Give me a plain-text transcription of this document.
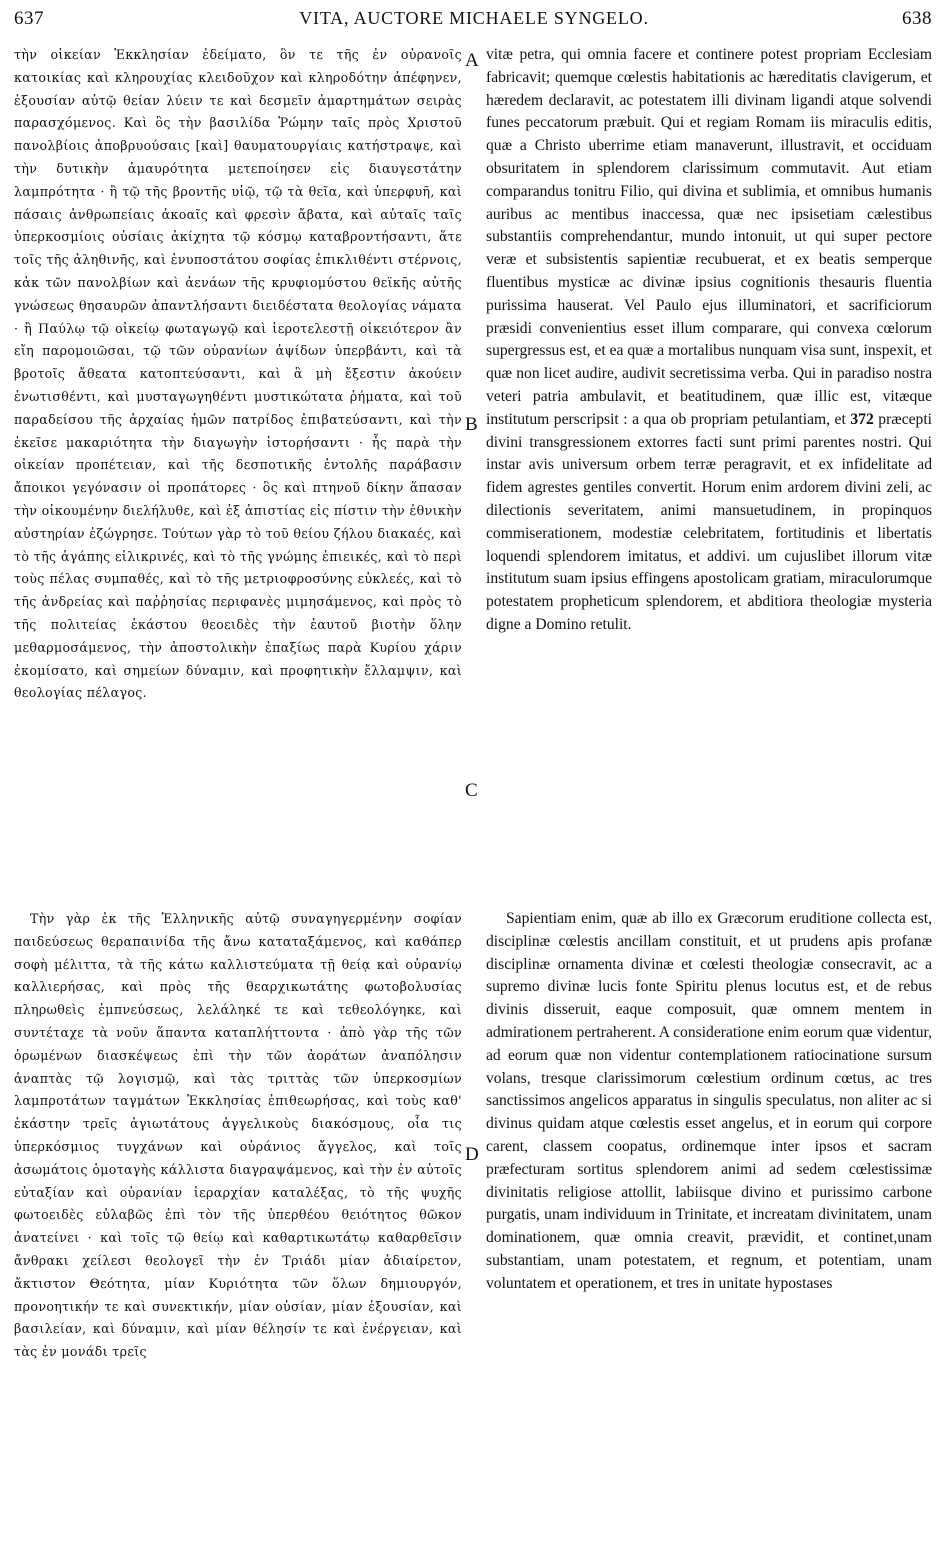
637	VITA, AUCTORE MICHAELE SYNGELO.	638
τὴν οἰκείαν Ἐκκλησίαν ἐδείματο, ὃν τε τῆς ἐν οὐρανοῖς κατοικίας καὶ κληρουχίας κλειδοῦχον καὶ κληροδότην ἀπέφηνεν, ἐξουσίαν αὐτῷ θείαν λύειν τε καὶ δεσμεῖν ἁμαρτημάτων σειρὰς παρασχόμενος. Καὶ ὃς τὴν βασιλίδα Ῥώμην ταῖς πρὸς Χριστοῦ πανολβίοις ἀποβρυούσαις [καὶ] θαυματουργίαις κατήστραψε, καὶ τὴν δυτικὴν ἀμαυρότητα μετεποίησεν εἰς διαυγεστάτην λαμπρότητα · ἢ τῷ τῆς βροντῆς υἱῷ, τῷ τὰ θεῖα, καὶ ὑπερφυῆ, καὶ πάσαις ἀνθρωπείαις ἀκοαῖς καὶ φρεσὶν ἄβατα, καὶ αὐταῖς ταῖς ὑπερκοσμίοις οὐσίαις ἀκίχητα τῷ κόσμῳ καταβροντήσαντι, ἅτε τοῖς τῆς ἀληθινῆς, καὶ ἐνυποστάτου σοφίας ἐπικλιθέντι στέρνοις, κἀκ τῶν πανολβίων καὶ ἀενάων τῆς κρυφιομύστου θεϊκῆς αὐτῆς γνώσεως θησαυρῶν ἀπαντλήσαντι διειδέστατα θεολογίας νάματα · ἢ Παύλῳ τῷ οἰκείῳ φωταγωγῷ καὶ ἱεροτελεστῇ οἰκειότερον ἂν εἴη παρομοιῶσαι, τῷ τῶν οὐρανίων ἀψίδων ὑπερβάντι, καὶ τὰ βροτοῖς ἄθεατα κατοπτεύσαντι, καὶ ἃ μὴ ἔξεστιν ἀκούειν ἐνωτισθέντι, καὶ μυσταγωγηθέντι μυστικώτατα ῥήματα, καὶ τοῦ παραδείσου τῆς ἀρχαίας ἡμῶν πατρίδος ἐπιβατεύσαντι, καὶ τὴν ἐκεῖσε μακαριότητα τὴν διαγωγὴν ἱστορήσαντι · ἧς παρὰ τὴν οἰκείαν προπέτειαν, καὶ τῆς δεσποτικῆς ἐντολῆς παράβασιν ἄποικοι γεγόνασιν οἱ προπάτορες · ὃς καὶ πτηνοῦ δίκην ἅπασαν τὴν οἰκουμένην διελήλυθε, καὶ ἐξ ἀπιστίας εἰς πίστιν τὴν ἐθνικὴν αὐστηρίαν ἐζώγρησε. Τούτων γὰρ τὸ τοῦ θείου ζήλου διακαές, καὶ τὸ τῆς ἀγάπης εἰλικρινές, καὶ τὸ τῆς γνώμης ἐπιεικές, καὶ τὸ περὶ τοὺς πέλας συμπαθές, καὶ τὸ τῆς μετριοφροσύνης εὐκλεές, καὶ τὸ τῆς ἀνδρείας καὶ παῤῥησίας περιφανὲς μιμησάμενος, καὶ πρὸς τὸ τῆς πολιτείας ἑκάστου θεοειδὲς τὴν ἑαυτοῦ βιοτὴν ὅλην μεθαρμοσάμενος, τὴν ἀποστολικὴν ἐπαξίως παρὰ Κυρίου χάριν ἐκομίσατο, καὶ σημείων δύναμιν, καὶ προφητικὴν ἔλλαμψιν, καὶ θεολογίας πέλαγος.
Τὴν γὰρ ἐκ τῆς Ἑλληνικῆς αὐτῷ συναγηγερμένην σοφίαν παιδεύσεως θεραπαινίδα τῆς ἄνω καταταξάμενος, καὶ καθάπερ σοφὴ μέλιττα, τὰ τῆς κάτω καλλιστεύματα τῇ θείᾳ καὶ οὐρανίῳ καλλιερήσας, καὶ πρὸς τῆς θεαρχικωτάτης φωτοβολυσίας πληρωθεὶς ἐμπνεύσεως, λελάληκέ τε καὶ τεθεολόγηκε, καὶ συντέταχε τὰ νοῦν ἅπαντα καταπλήττοντα · ἀπὸ γὰρ τῆς τῶν ὁρωμένων διασκέψεως ἐπὶ τὴν τῶν ἀοράτων ἀναπόλησιν ἀναπτὰς τῷ λογισμῷ, καὶ τὰς τριττὰς τῶν ὑπερκοσμίων λαμπροτάτων ταγμάτων Ἐκκλησίας ἐπιθεωρήσας, καὶ τοὺς καθ' ἑκάστην τρεῖς ἁγιωτάτους ἀγγελικοὺς διακόσμους, οἷα τις ὑπερκόσμιος τυγχάνων καὶ οὐράνιος ἄγγελος, καὶ τοῖς ἀσωμάτοις ὁμοταγὴς κάλλιστα διαγραψάμενος, καὶ τὴν ἐν αὐτοῖς εὐταξίαν καὶ οὐρανίαν ἱεραρχίαν καταλέξας, τὸ τῆς ψυχῆς φωτοειδὲς εὐλαβῶς ἐπὶ τὸν τῆς ὑπερθέου θειότητος θῶκον ἀνατείνει · καὶ τοῖς τῷ θείῳ καὶ καθαρτικωτάτῳ καθαρθεῖσιν ἄνθρακι χείλεσι θεολογεῖ τὴν ἐν Τριάδι μίαν ἀδιαίρετον, ἄκτιστον Θεότητα, μίαν Κυριότητα τῶν ὅλων δημιουργόν, προνοητικήν τε καὶ συνεκτικήν, μίαν οὐσίαν, μίαν ἐξουσίαν, καὶ βασιλείαν, καὶ δύναμιν, καὶ μίαν θέλησίν τε καὶ ἐνέργειαν, καὶ τὰς ἐν μονάδι τρεῖς
A
B
C
D
vitæ petra, qui omnia facere et continere potest propriam Ecclesiam fabricavit; quemque cœlestis habitationis ac hæreditatis clavigerum, et hæredem declaravit, ac potestatem illi divinam ligandi atque solvendi funes peccatorum præbuit. Qui et regiam Romam iis miraculis editis, quæ a Christo uberrime etiam manaverunt, illustravit, et occiduam obsuritatem in splendorem clarissimum commutavit. Aut etiam comparandus tonitru Filio, qui divina et sublimia, et omnibus humanis auribus ac mentibus inaccessa, quæ nec ipsisetiam cælestibus substantiis comprehendantur, mundo intonuit, ut qui super pectore veræ et subsistentis sapientiæ recubuerat, et ex beatis semperque fluentibus mysticæ ac divinæ ipsius cognitionis thesauris fluentia purissima hauserat. Vel Paulo ejus illuminatori, et sacrificiorum præsidi convenientius esset illum comparare, qui convexa cœlorum supergressus est, et ea quæ a mortalibus nunquam visa sunt, inspexit, et quæ non licet audire, audivit secretissima verba. Qui in paradiso nostra veteri patria ambulavit, et beatitudinem, quæ illic est, vitæque institutum perscripsit : a qua ob propriam petulantiam, et 372 præcepti divini transgressionem extorres facti sunt primi parentes nostri. Qui instar avis universum orbem terræ peragravit, et ex infidelitate ad fidem agrestes gentiles convertit. Horum enim ardorem divini zeli, ac dilectionis severitatem, animi mansuetudinem, in propinquos commiserationem, modestiæ celebritatem, fortitudinis et libertatis loquendi splendorem imitatus, et addivi. um cujuslibet illorum vitæ institutum suam ipsius effingens apostolicam gratiam, miraculorumque potestatem propheticum splendorem, et abditiora theologiæ mysteria digne a Domino retulit.
Sapientiam enim, quæ ab illo ex Græcorum eruditione collecta est, disciplinæ cœlestis ancillam constituit, et ut prudens apis profanæ disciplinæ ornamenta divinæ et cœlesti theologiæ consecravit, ac a supremo divinæ lucis fonte Spiritu plenus locutus est, et de rebus divinis disseruit, eaque composuit, quæ omnem mentem in admirationem pertraherent. A consideratione enim eorum quæ videntur, ad eorum quæ non videntur contemplationem ratiocinatione sursum volans, tresque clarissimorum cœlestium ordinum cœtus, ac tres sanctissimos angelicos apparatus in singulis speculatus, non aliter ac si divinus quidam atque cœlestis esset angelus, et in eorum qui corpore carent, classem coopatus, ordinemque inter ipsos et sacram præfecturam sortitus splendorem animi ad sedem cœlestissimæ divinitatis religiose attollit, labiisque divino et purissimo carbone purgatis, unam individuum in Trinitate, et increatam divinitatem, unam dominationem, quæ omnia creavit, prævidit, et continet,unam substantiam, unam potestatem, et regnum, et potentiam, unam voluntatem et operationem, et tres in unitate hypostases
